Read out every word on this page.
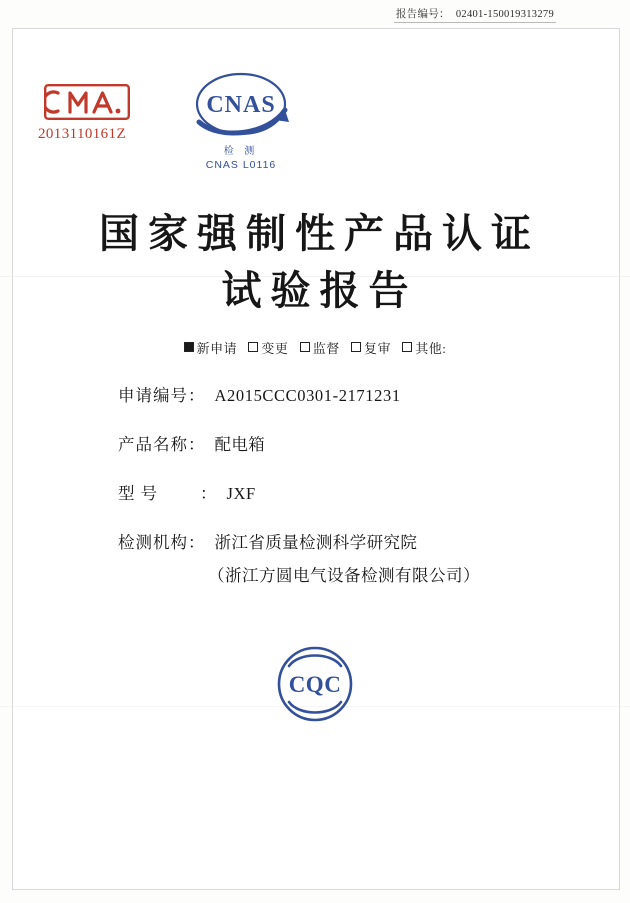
报告编号： 02401-150019313279
2013110161Z
CNAS
检 测
CNAS L0116
国家强制性产品认证
试验报告
新申请 变更 监督 复审 其他:
申请编号 ： A2015CCC0301-2171231
产品名称 ： 配电箱
型 号	： JXF
检测机构 ： 浙江省质量检测科学研究院
（浙江方圆电气设备检测有限公司）
CQC
